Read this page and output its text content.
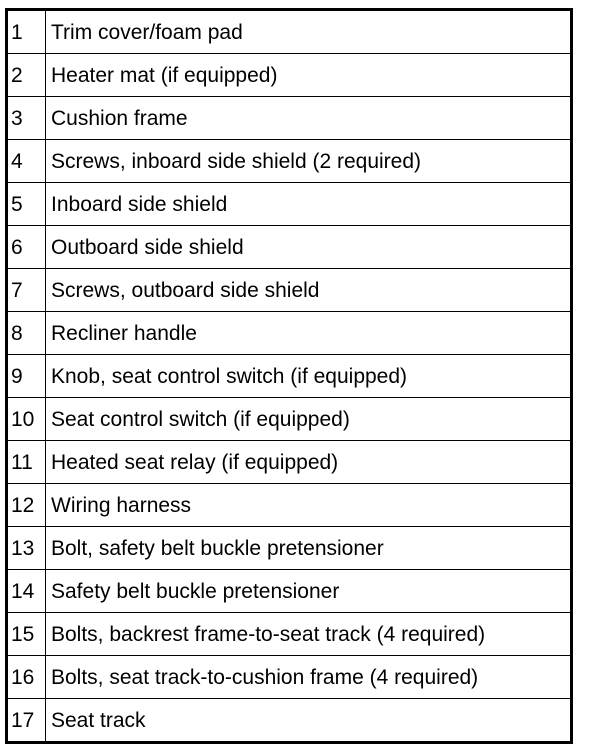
1	Trim cover/foam pad
2	Heater mat (if equipped)
3	Cushion frame
4	Screws, inboard side shield (2 required)
5	Inboard side shield
6	Outboard side shield
7	Screws, outboard side shield
8	Recliner handle
9	Knob, seat control switch (if equipped)
10	Seat control switch (if equipped)
11	Heated seat relay (if equipped)
12	Wiring harness
13	Bolt, safety belt buckle pretensioner
14	Safety belt buckle pretensioner
15	Bolts, backrest frame-to-seat track (4 required)
16	Bolts, seat track-to-cushion frame (4 required)
17	Seat track
